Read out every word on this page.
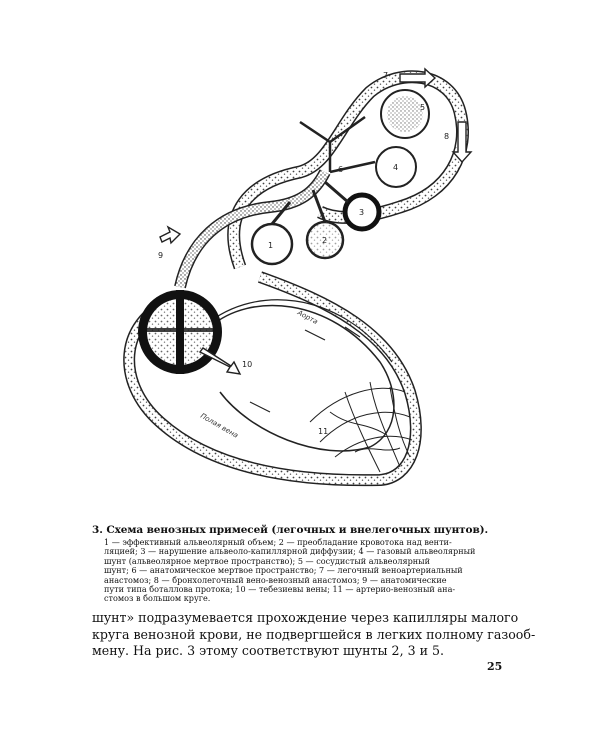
1
2
3
4
5
6
7
8
9
10
11
Аорта
Полая вена
3. Схема венозных примесей (легочных и внелегочных шунтов).
1 — эффективный альвеолярный объем; 2 — преобладание кровотока над венти-
ляцией; 3 — нарушение альвеоло-капиллярной диффузии; 4 — газовый альвеолярный
шунт (альвеолярное мертвое пространство); 5 — сосудистый альвеолярный
шунт; 6 — анатомическое мертвое пространство; 7 — легочный веноартериальный
анастомоз; 8 — бронхолегочный вено-венозный анастомоз; 9 — анатомические
пути типа боталлова протока; 10 — тебезиевы вены; 11 — артерио-венозный ана-
стомоз в большом круге.
шунт» подразумевается прохождение через капилляры малого
круга венозной крови, не подвергшейся в легких полному газооб-
мену. На рис. 3 этому соответствуют шунты 2, 3 и 5.
25
